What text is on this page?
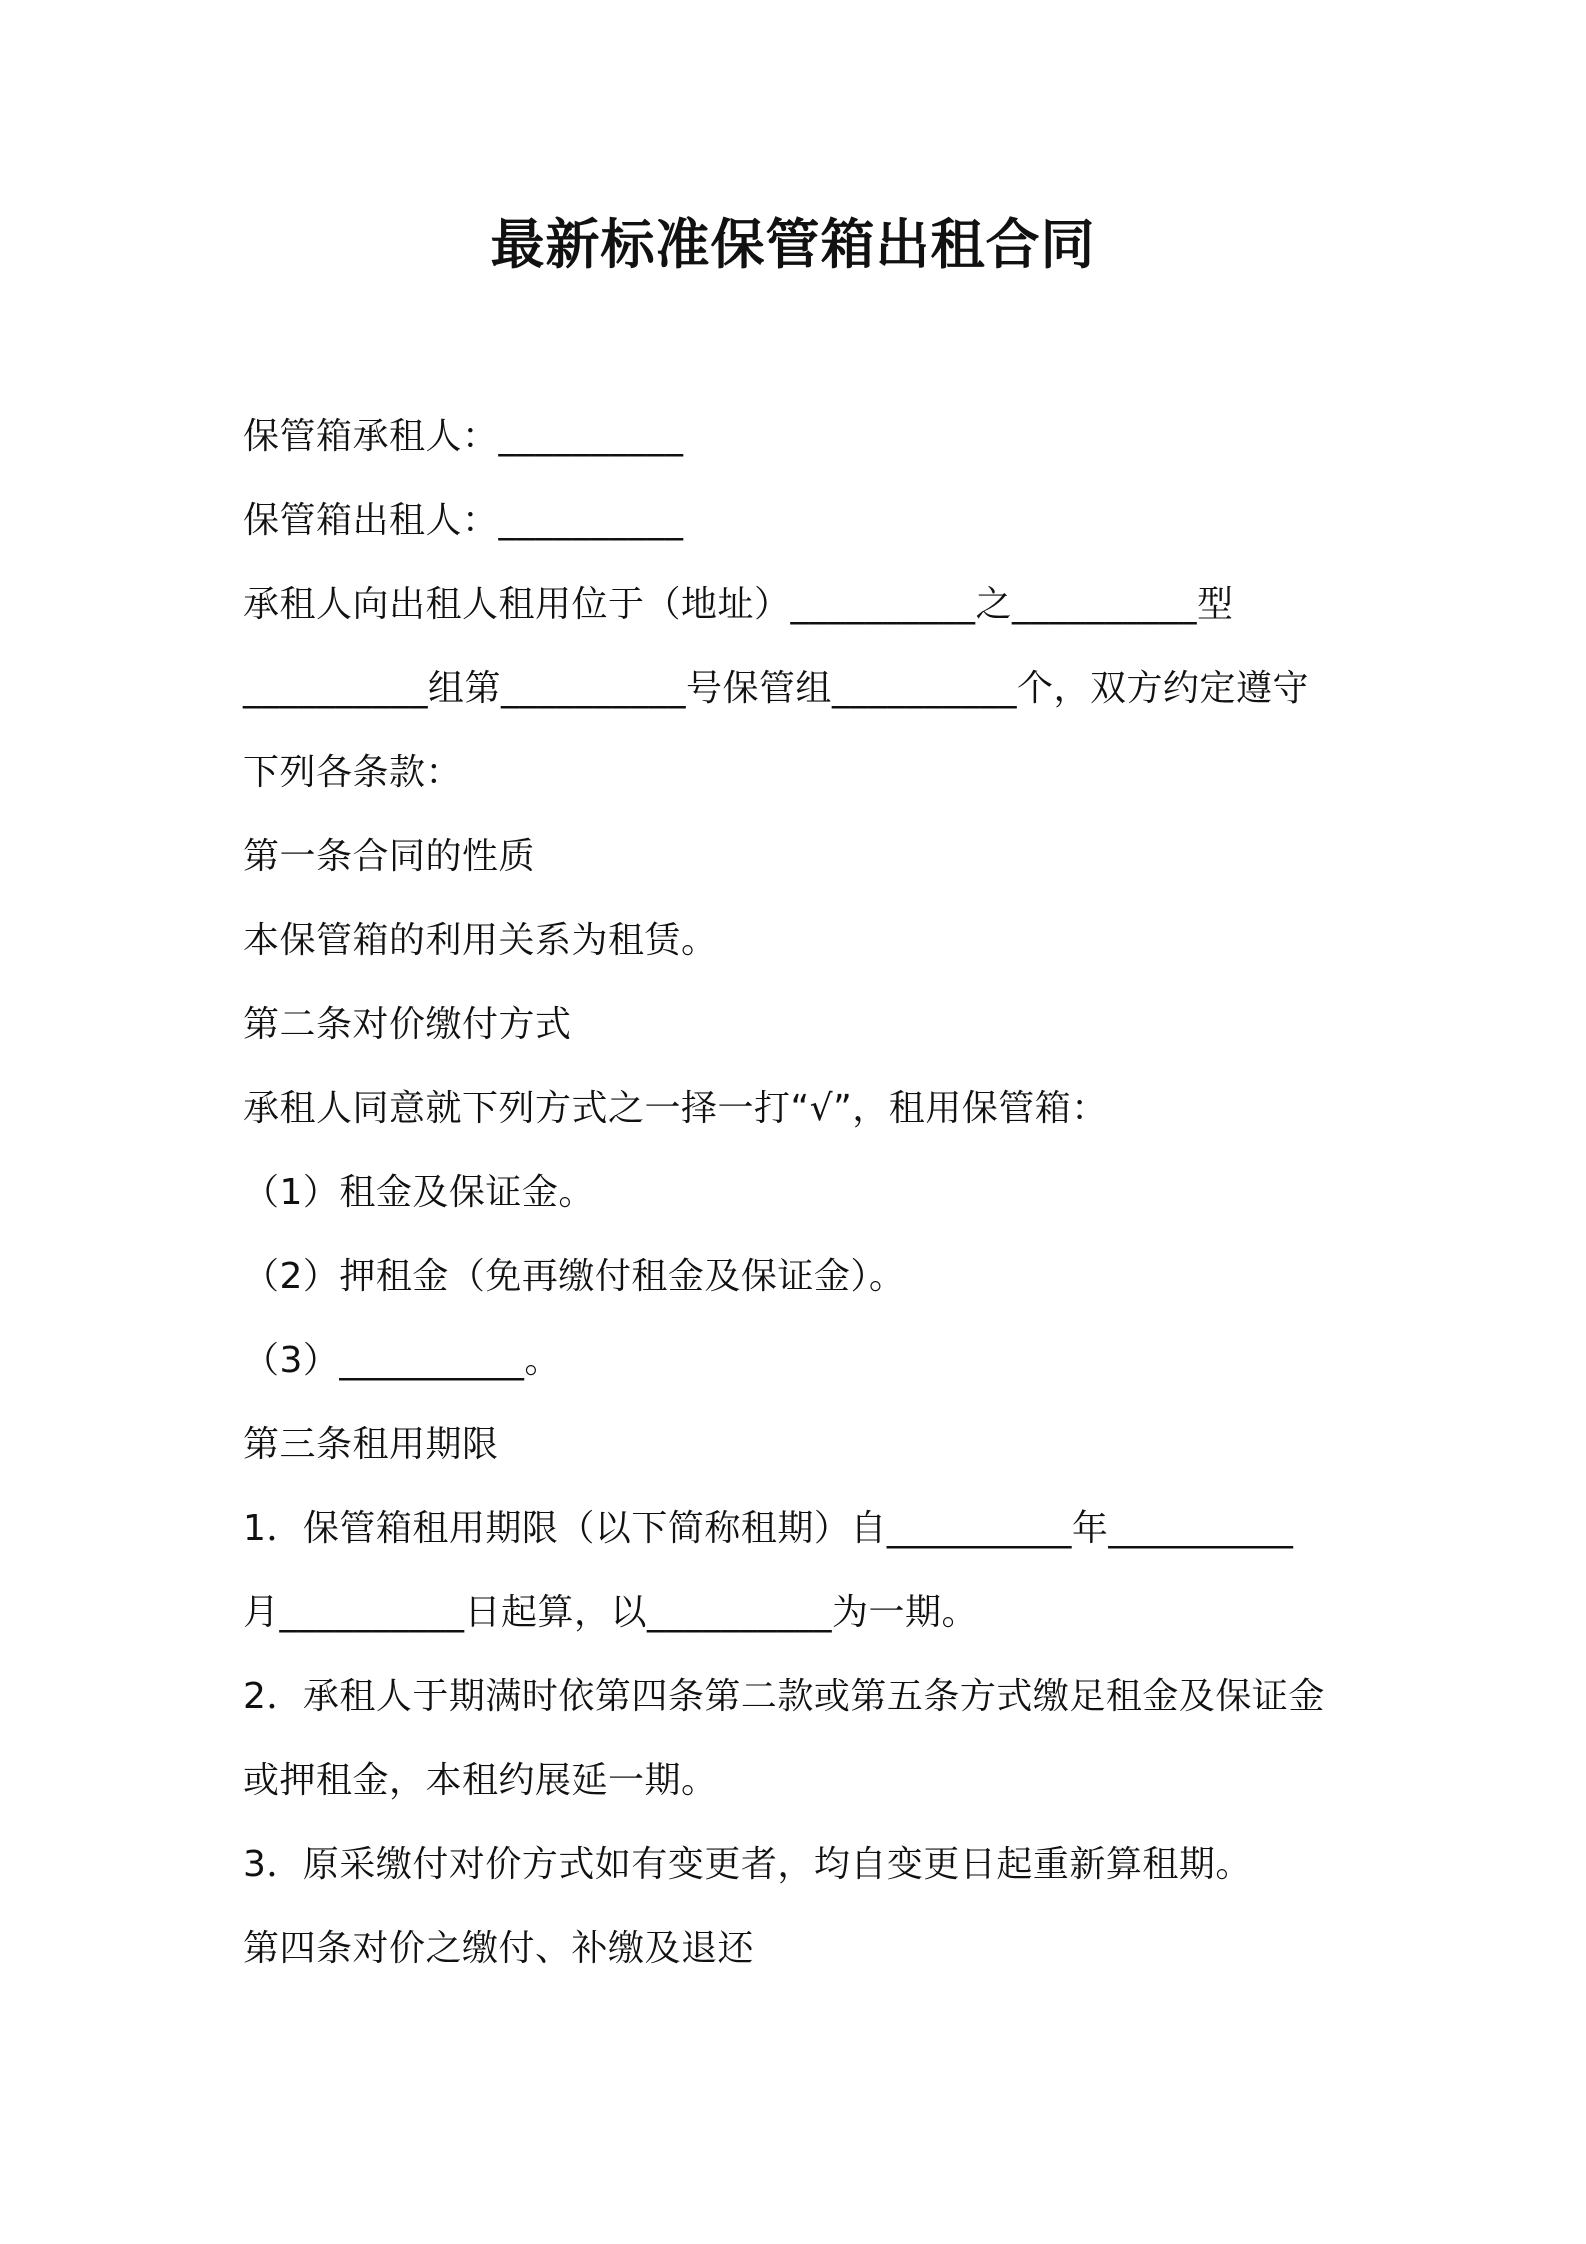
最新标准保管箱出租合同
保管箱承租人：__________
保管箱出租人：__________
承租人向出租人租用位于（地址）__________之__________型
__________组第__________号保管组__________个，双方约定遵守
下列各条款：
第一条合同的性质
本保管箱的利用关系为租赁。
第二条对价缴付方式
承租人同意就下列方式之一择一打“√”，租用保管箱：
（1）租金及保证金。
（2）押租金（免再缴付租金及保证金）。
（3）__________。
第三条租用期限
1．保管箱租用期限（以下简称租期）自__________年__________
月__________日起算，以__________为一期。
2．承租人于期满时依第四条第二款或第五条方式缴足租金及保证金
或押租金，本租约展延一期。
3．原采缴付对价方式如有变更者，均自变更日起重新算租期。
第四条对价之缴付、补缴及退还
